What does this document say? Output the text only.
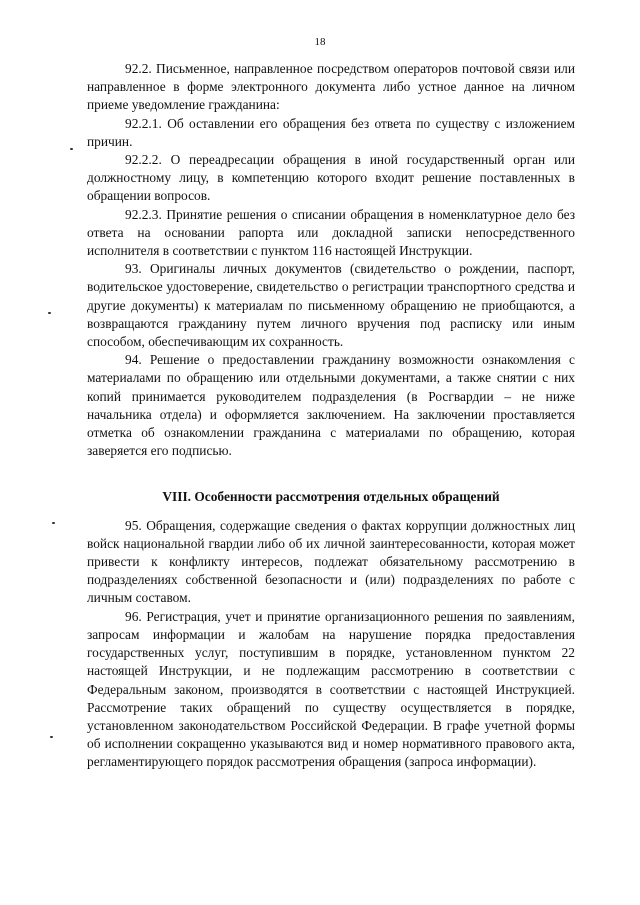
18

92.2. Письменное, направленное посредством операторов почтовой связи или направленное в форме электронного документа либо устное данное на личном приеме уведомление гражданина:

92.2.1. Об оставлении его обращения без ответа по существу с изложением причин.

92.2.2. О переадресации обращения в иной государственный орган или должностному лицу, в компетенцию которого входит решение поставленных в обращении вопросов.

92.2.3. Принятие решения о списании обращения в номенклатурное дело без ответа на основании рапорта или докладной записки непосредственного исполнителя в соответствии с пунктом 116 настоящей Инструкции.

93. Оригиналы личных документов (свидетельство о рождении, паспорт, водительское удостоверение, свидетельство о регистрации транспортного средства и другие документы) к материалам по письменному обращению не приобщаются, а возвращаются гражданину путем личного вручения под расписку или иным способом, обеспечивающим их сохранность.

94. Решение о предоставлении гражданину возможности ознакомления с материалами по обращению или отдельными документами, а также снятии с них копий принимается руководителем подразделения (в Росгвардии – не ниже начальника отдела) и оформляется заключением. На заключении проставляется отметка об ознакомлении гражданина с материалами по обращению, которая заверяется его подписью.

VIII. Особенности рассмотрения отдельных обращений

95. Обращения, содержащие сведения о фактах коррупции должностных лиц войск национальной гвардии либо об их личной заинтересованности, которая может привести к конфликту интересов, подлежат обязательному рассмотрению в подразделениях собственной безопасности и (или) подразделениях по работе с личным составом.

96. Регистрация, учет и принятие организационного решения по заявлениям, запросам информации и жалобам на нарушение порядка предоставления государственных услуг, поступившим в порядке, установленном пунктом 22 настоящей Инструкции, и не подлежащим рассмотрению в соответствии с Федеральным законом, производятся в соответствии с настоящей Инструкцией. Рассмотрение таких обращений по существу осуществляется в порядке, установленном законодательством Российской Федерации. В графе учетной формы об исполнении сокращенно указываются вид и номер нормативного правового акта, регламентирующего порядок рассмотрения обращения (запроса информации).
